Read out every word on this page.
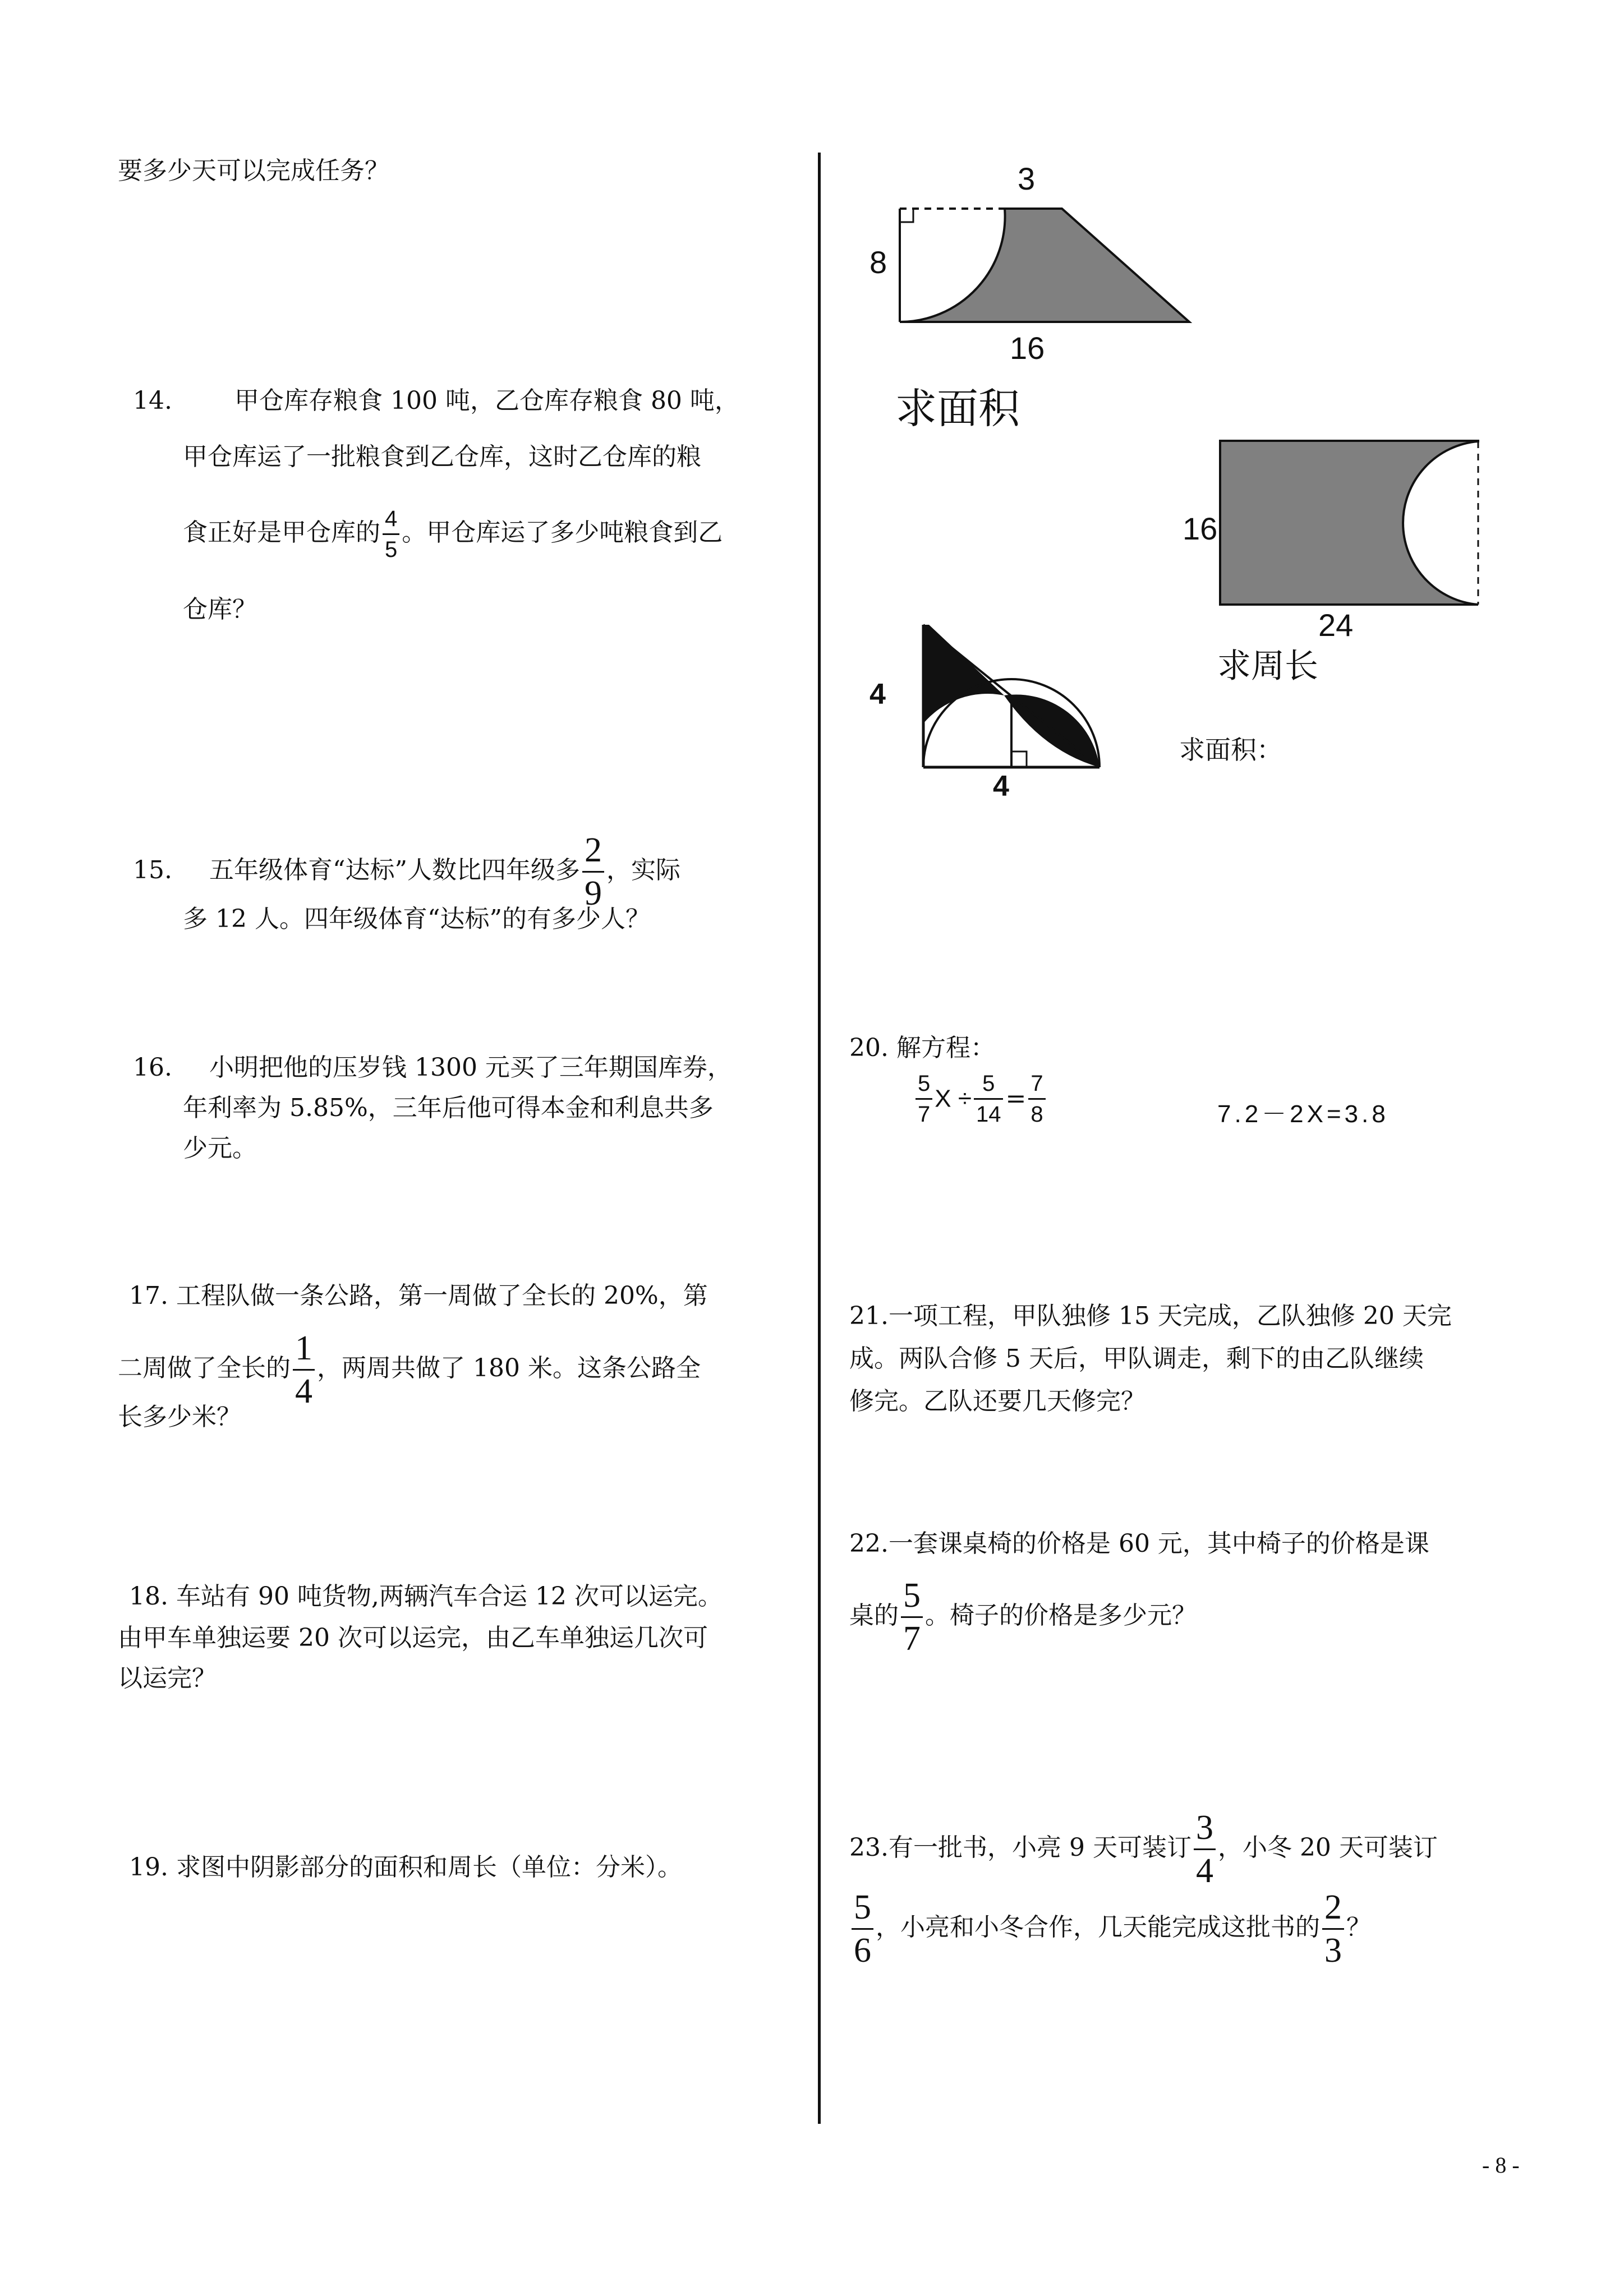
要多少天可以完成任务？
14.	甲仓库存粮食 100 吨，乙仓库存粮食 80 吨，
甲仓库运了一批粮食到乙仓库，这时乙仓库的粮
食正好是甲仓库的 $\frac{4}{5}$ 。甲仓库运了多少吨粮食到乙
仓库？
15. 五年级体育“达标”人数比四年级多 $\frac{2}{9}$ ，实际
多 12 人。四年级体育“达标”的有多少人？
16. 小明把他的压岁钱 1300 元买了三年期国库券，
年利率为 5.85%，三年后他可得本金和利息共多
少元。
17. 工程队做一条公路，第一周做了全长的 20%，第
二周做了全长的 $\frac{1}{4}$ ，两周共做了 180 米。这条公路全
长多少米？
18. 车站有 90 吨货物,两辆汽车合运 12 次可以运完。
由甲车单独运要 20 次可以运完，由乙车单独运几次可
以运完？
19. 求图中阴影部分的面积和周长（单位：分米）。
3
8
16
求面积
16
24
求周长
4
4
求面积：
20. 解方程：
$\frac{5}{7}$ $X \div \frac{5}{14} = \frac{7}{8}$	7.2－2X=3.8
21.一项工程，甲队独修 15 天完成，乙队独修 20 天完
成。两队合修 5 天后，甲队调走，剩下的由乙队继续
修完。乙队还要几天修完？
22.一套课桌椅的价格是 60 元，其中椅子的价格是课
桌的 $\frac{5}{7}$ 。椅子的价格是多少元？
23.有一批书，小亮 9 天可装订 $\frac{3}{4}$ ，小冬 20 天可装订
$\frac{5}{6}$ ，小亮和小冬合作，几天能完成这批书的 $\frac{2}{3}$ ？
- 8 -
